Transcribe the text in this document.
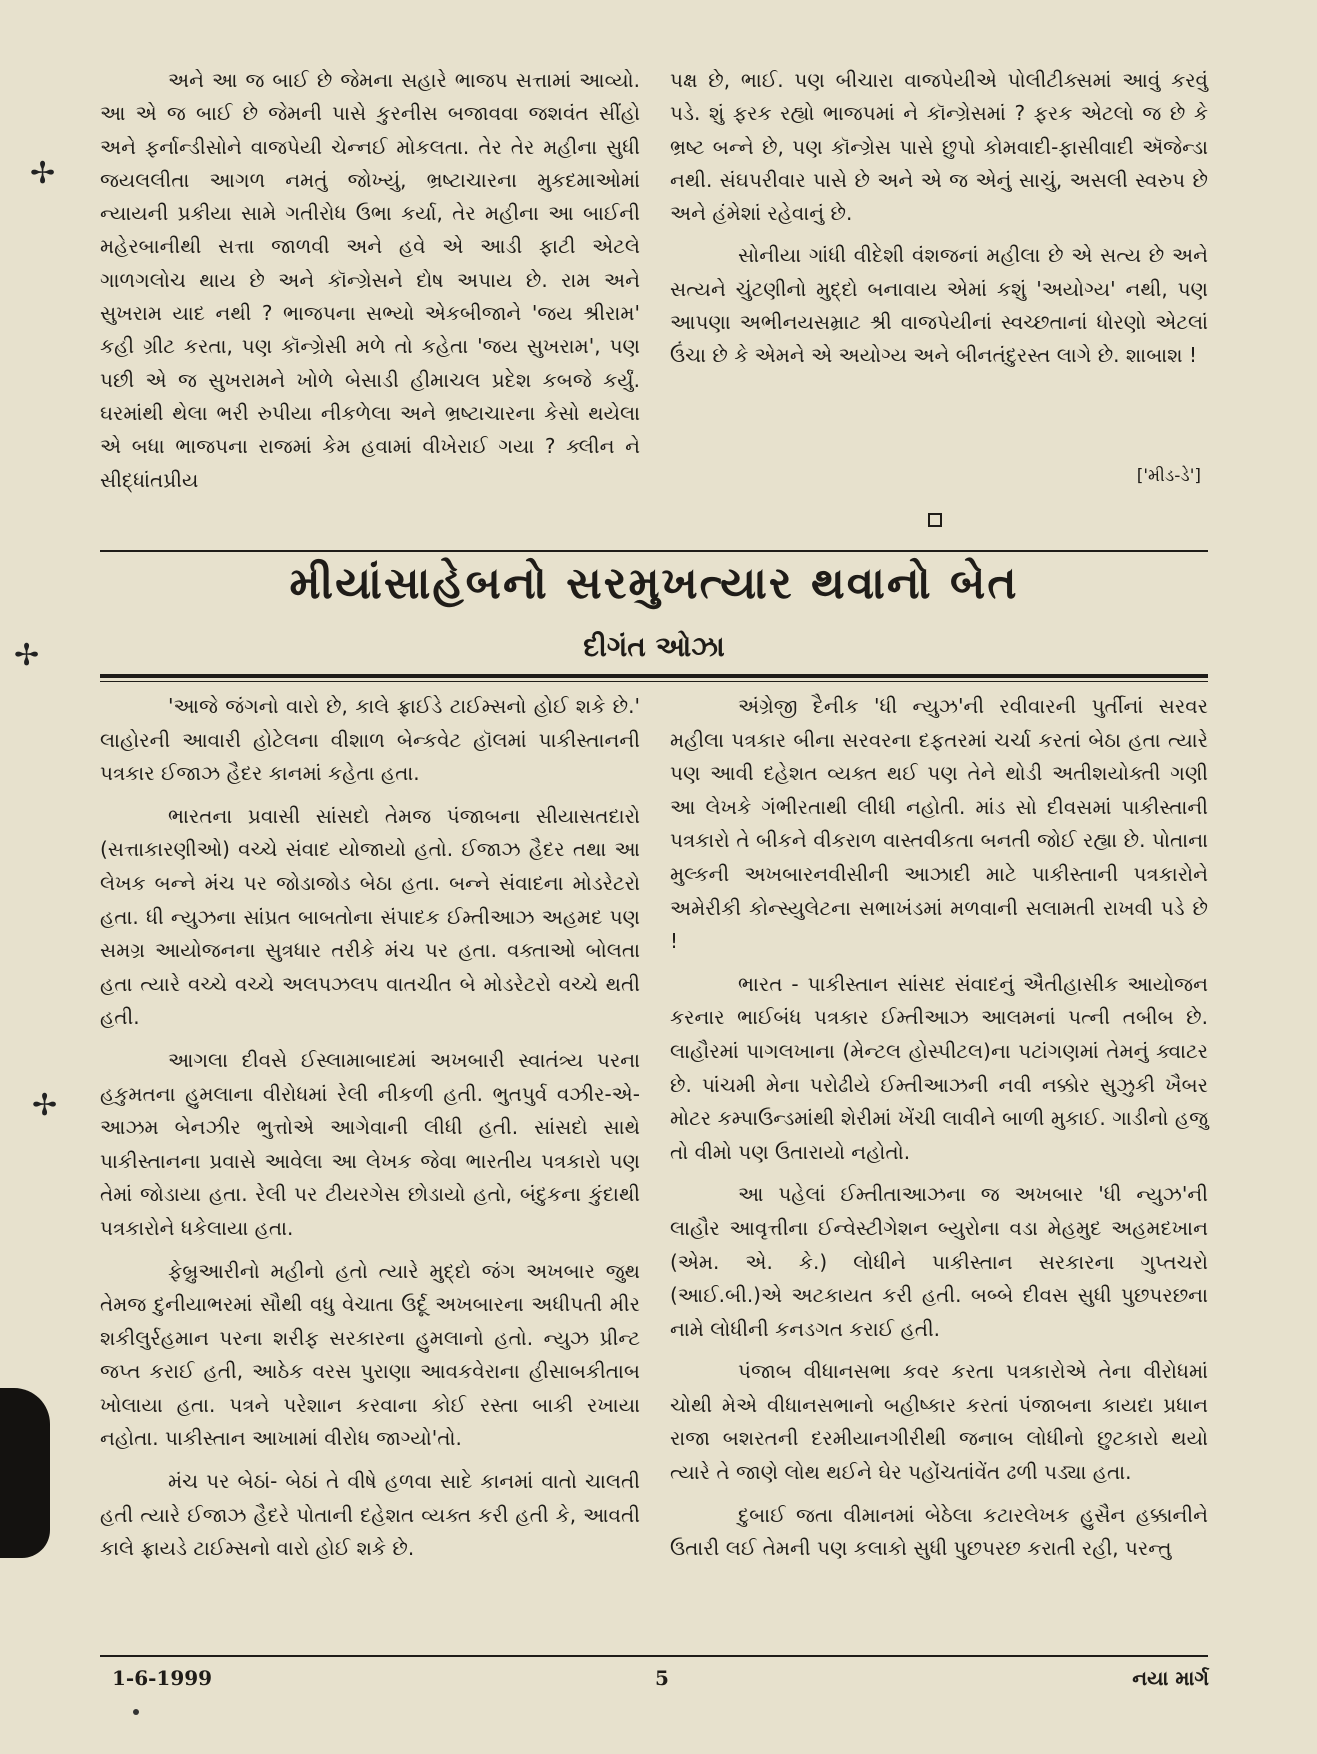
અને આ જ બાઈ છે જેમના સહારે ભાજપ સત્તામાં આવ્યો. આ એ જ બાઈ છે જેમની પાસે કુરનીસ બજાવવા જશવંત સીંહો અને ફર્નાન્ડીસોને વાજપેયી ચેન્નઈ મોકલતા. તેર તેર મહીના સુધી જયલલીતા આગળ નમતું જોખ્યું, ભ્રષ્ટાચારના મુકદમાઓમાં ન્યાયની પ્રકીયા સામે ગતીરોધ ઉભા કર્યા, તેર મહીના આ બાઈની મહેરબાનીથી સત્તા જાળવી અને હવે એ આડી ફાટી એટલે ગાળગલોચ થાય છે અને કૉન્ગ્રેસને દોષ અપાય છે. રામ અને સુખરામ યાદ નથી ? ભાજપના સભ્યો એકબીજાને 'જય શ્રીરામ' કહી ગ્રીટ કરતા, પણ કૉન્ગ્રેસી મળે તો કહેતા 'જય સુખરામ', પણ પછી એ જ સુખરામને ખોળે બેસાડી હીમાચલ પ્રદેશ કબજે કર્યું. ઘરમાંથી થેલા ભરી રુપીયા નીકળેલા અને ભ્રષ્ટાચારના કેસો થયેલા એ બધા ભાજપના રાજમાં કેમ હવામાં વીખેરાઈ ગયા ? ક્લીન ને સીદ્ધાંતપ્રીય

પક્ષ છે, ભાઈ. પણ બીચારા વાજપેયીએ પોલીટીક્સમાં આવું કરવું પડે. શું ફરક રહ્યો ભાજપમાં ને કૉન્ગ્રેસમાં ? ફરક એટલો જ છે કે ભ્રષ્ટ બન્ને છે, પણ કૉન્ગ્રેસ પાસે છુપો કોમવાદી-ફાસીવાદી ઍજેન્ડા નથી. સંઘપરીવાર પાસે છે અને એ જ એનું સાચું, અસલી સ્વરુપ છે અને હંમેશાં રહેવાનું છે.

સોનીયા ગાંધી વીદેશી વંશજનાં મહીલા છે એ સત્ય છે અને સત્યને ચુંટણીનો મુદ્દો બનાવાય એમાં કશું 'અયોગ્ય' નથી, પણ આપણા અભીનયસમ્રાટ શ્રી વાજપેયીનાં સ્વચ્છતાનાં ધોરણો એટલાં ઉંચા છે કે એમને એ અયોગ્ય અને બીનતંદુરસ્ત લાગે છે. શાબાશ !

['મીડ-ડે']
મીયાંસાહેબનો સરમુખત્યાર થવાનો બેત
દીગંત ઓઝા

'આજે જંગનો વારો છે, કાલે ફ્રાઈડે ટાઈમ્સનો હોઈ શકે છે.' લાહોરની આવારી હોટેલના વીશાળ બેન્કવેટ હૉલમાં પાકીસ્તાનની પત્રકાર ઈજાઝ હૈદર કાનમાં કહેતા હતા.

ભારતના પ્રવાસી સાંસદો તેમજ પંજાબના સીયાસતદારો (સત્તાકારણીઓ) વચ્ચે સંવાદ યોજાયો હતો. ઈજાઝ હૈદર તથા આ લેખક બન્ને મંચ પર જોડાજોડ બેઠા હતા. બન્ને સંવાદના મોડરેટરો હતા. ધી ન્યુઝના સાંપ્રત બાબતોના સંપાદક ઈમ્તીઆઝ અહમદ પણ સમગ્ર આયોજનના સુત્રધાર તરીકે મંચ પર હતા. વક્તાઓ બોલતા હતા ત્યારે વચ્ચે વચ્ચે અલપઝલપ વાતચીત બે મોડરેટરો વચ્ચે થતી હતી.

આગલા દીવસે ઈસ્લામાબાદમાં અખબારી સ્વાતંત્ર્ય પરના હકુમતના હુમલાના વીરોધમાં રેલી નીકળી હતી. ભુતપુર્વ વઝીર-એ-આઝમ બેનઝીર ભુત્તોએ આગેવાની લીધી હતી. સાંસદો સાથે પાકીસ્તાનના પ્રવાસે આવેલા આ લેખક જેવા ભારતીય પત્રકારો પણ તેમાં જોડાયા હતા. રેલી પર ટીયરગેસ છોડાયો હતો, બંદુકના કુંદાથી પત્રકારોને ધકેલાયા હતા.

ફેબ્રુઆરીનો મહીનો હતો ત્યારે મુદ્દો જંગ અખબાર જુથ તેમજ દુનીયાભરમાં સૌથી વધુ વેચાતા ઉર્દૂ અખબારના અધીપતી મીર શકીલુર્રહમાન પરના શરીફ સરકારના હુમલાનો હતો. ન્યુઝ પ્રીન્ટ જપ્ત કરાઈ હતી, આઠેક વરસ પુરાણા આવકવેરાના હીસાબકીતાબ ખોલાયા હતા. પત્રને પરેશાન કરવાના કોઈ રસ્તા બાકી રખાયા નહોતા. પાકીસ્તાન આખામાં વીરોધ જાગ્યો'તો.

મંચ પર બેઠાં- બેઠાં તે વીષે હળવા સાદે કાનમાં વાતો ચાલતી હતી ત્યારે ઈજાઝ હૈદરે પોતાની દહેશત વ્યક્ત કરી હતી કે, આવતી કાલે ફ્રાયડે ટાઈમ્સનો વારો હોઈ શકે છે.

અંગ્રેજી દૈનીક 'ધી ન્યુઝ'ની રવીવારની પુર્તીનાં સરવર મહીલા પત્રકાર બીના સરવરના દફતરમાં ચર્ચા કરતાં બેઠા હતા ત્યારે પણ આવી દહેશત વ્યક્ત થઈ પણ તેને થોડી અતીશયોક્તી ગણી આ લેખકે ગંભીરતાથી લીધી નહોતી. માંડ સો દીવસમાં પાકીસ્તાની પત્રકારો તે બીકને વીકરાળ વાસ્તવીકતા બનતી જોઈ રહ્યા છે. પોતાના મુલ્કની અખબારનવીસીની આઝાદી માટે પાકીસ્તાની પત્રકારોને અમેરીકી કોન્સ્યુલેટના સભાખંડમાં મળવાની સલામતી રાખવી પડે છે !

ભારત - પાકીસ્તાન સાંસદ સંવાદનું ઐતીહાસીક આયોજન કરનાર ભાઈબંધ પત્રકાર ઈમ્તીઆઝ આલમનાં પત્ની તબીબ છે. લાહૌરમાં પાગલખાના (મેન્ટલ હોસ્પીટલ)ના પટાંગણમાં તેમનું ક્વાટર છે. પાંચમી મેના પરોઢીયે ઈમ્તીઆઝની નવી નક્કોર સુઝુકી ખૈબર મોટર કમ્પાઉન્ડમાંથી શેરીમાં ખેંચી લાવીને બાળી મુકાઈ. ગાડીનો હજુ તો વીમો પણ ઉતારાયો નહોતો.

આ પહેલાં ઈમ્તીતાઆઝના જ અખબાર 'ધી ન્યુઝ'ની લાહૌર આવૃત્તીના ઈન્વેસ્ટીગેશન બ્યુરોના વડા મેહમુદ અહમદખાન (એમ. એ. કે.) લોધીને પાકીસ્તાન સરકારના ગુપ્તચરો (આઈ.બી.)એ અટકાયત કરી હતી. બબ્બે દીવસ સુધી પુછપરછના નામે લોધીની કનડગત કરાઈ હતી.

પંજાબ વીધાનસભા કવર કરતા પત્રકારોએ તેના વીરોધમાં ચોથી મેએ વીધાનસભાનો બહીષ્કાર કરતાં પંજાબના કાયદા પ્રધાન રાજા બશરતની દરમીયાનગીરીથી જનાબ લોધીનો છુટકારો થયો ત્યારે તે જાણે લોથ થઈને ઘેર પહોંચતાંવેંત ઢળી પડ્યા હતા.

દુબાઈ જતા વીમાનમાં બેઠેલા કટારલેખક હુસૈન હક્કાનીને ઉતારી લઈ તેમની પણ કલાકો સુધી પુછપરછ કરાતી રહી, પરન્તુ

1-6-1999	5	નયા માર્ગ
✢
✢
✢
